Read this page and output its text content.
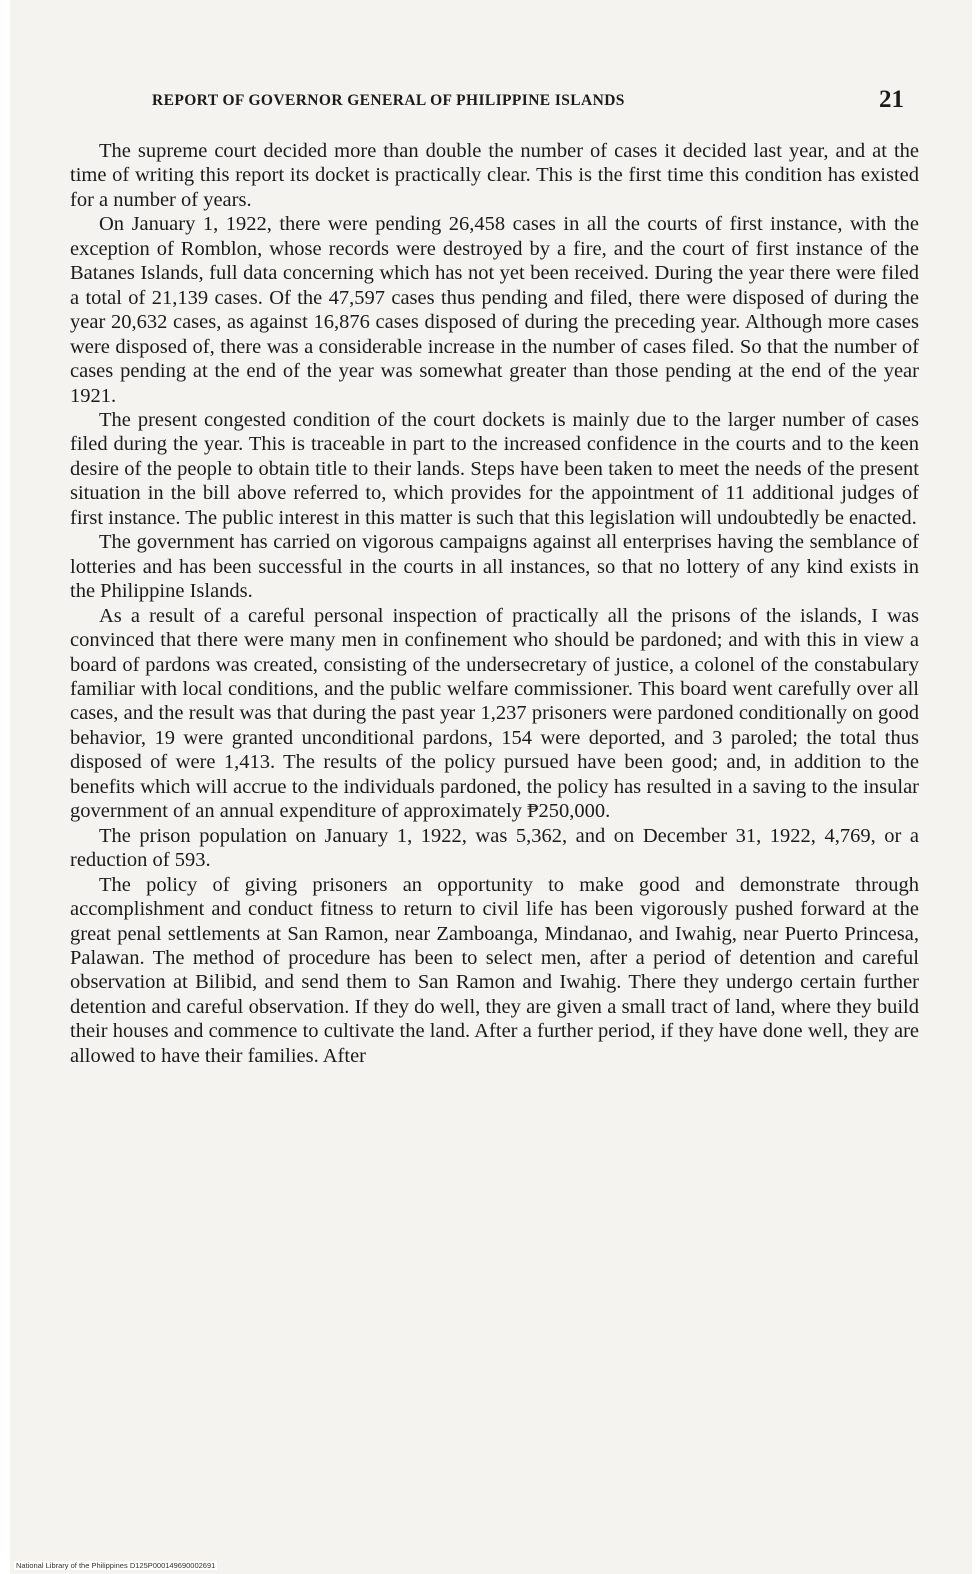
REPORT OF GOVERNOR GENERAL OF PHILIPPINE ISLANDS	21

The supreme court decided more than double the number of cases it decided last year, and at the time of writing this report its docket is practically clear. This is the first time this condition has existed for a number of years.

On January 1, 1922, there were pending 26,458 cases in all the courts of first instance, with the exception of Romblon, whose records were destroyed by a fire, and the court of first instance of the Batanes Islands, full data concerning which has not yet been received. During the year there were filed a total of 21,139 cases. Of the 47,597 cases thus pending and filed, there were disposed of during the year 20,632 cases, as against 16,876 cases disposed of during the preceding year. Although more cases were disposed of, there was a considerable increase in the number of cases filed. So that the number of cases pending at the end of the year was somewhat greater than those pending at the end of the year 1921.

The present congested condition of the court dockets is mainly due to the larger number of cases filed during the year. This is traceable in part to the increased confidence in the courts and to the keen desire of the people to obtain title to their lands. Steps have been taken to meet the needs of the present situation in the bill above referred to, which provides for the appointment of 11 additional judges of first instance. The public interest in this matter is such that this legislation will undoubtedly be enacted.

The government has carried on vigorous campaigns against all enterprises having the semblance of lotteries and has been successful in the courts in all instances, so that no lottery of any kind exists in the Philippine Islands.

As a result of a careful personal inspection of practically all the prisons of the islands, I was convinced that there were many men in confinement who should be pardoned; and with this in view a board of pardons was created, consisting of the undersecretary of justice, a colonel of the constabulary familiar with local conditions, and the public welfare commissioner. This board went carefully over all cases, and the result was that during the past year 1,237 prisoners were pardoned conditionally on good behavior, 19 were granted unconditional pardons, 154 were deported, and 3 paroled; the total thus disposed of were 1,413. The results of the policy pursued have been good; and, in addition to the benefits which will accrue to the individuals pardoned, the policy has resulted in a saving to the insular government of an annual expenditure of approximately ₱250,000.

The prison population on January 1, 1922, was 5,362, and on December 31, 1922, 4,769, or a reduction of 593.

The policy of giving prisoners an opportunity to make good and demonstrate through accomplishment and conduct fitness to return to civil life has been vigorously pushed forward at the great penal settlements at San Ramon, near Zamboanga, Mindanao, and Iwahig, near Puerto Princesa, Palawan. The method of procedure has been to select men, after a period of detention and careful observation at Bilibid, and send them to San Ramon and Iwahig. There they undergo certain further detention and careful observation. If they do well, they are given a small tract of land, where they build their houses and commence to cultivate the land. After a further period, if they have done well, they are allowed to have their families. After

National Library of the Philippines D125P000149690002691
